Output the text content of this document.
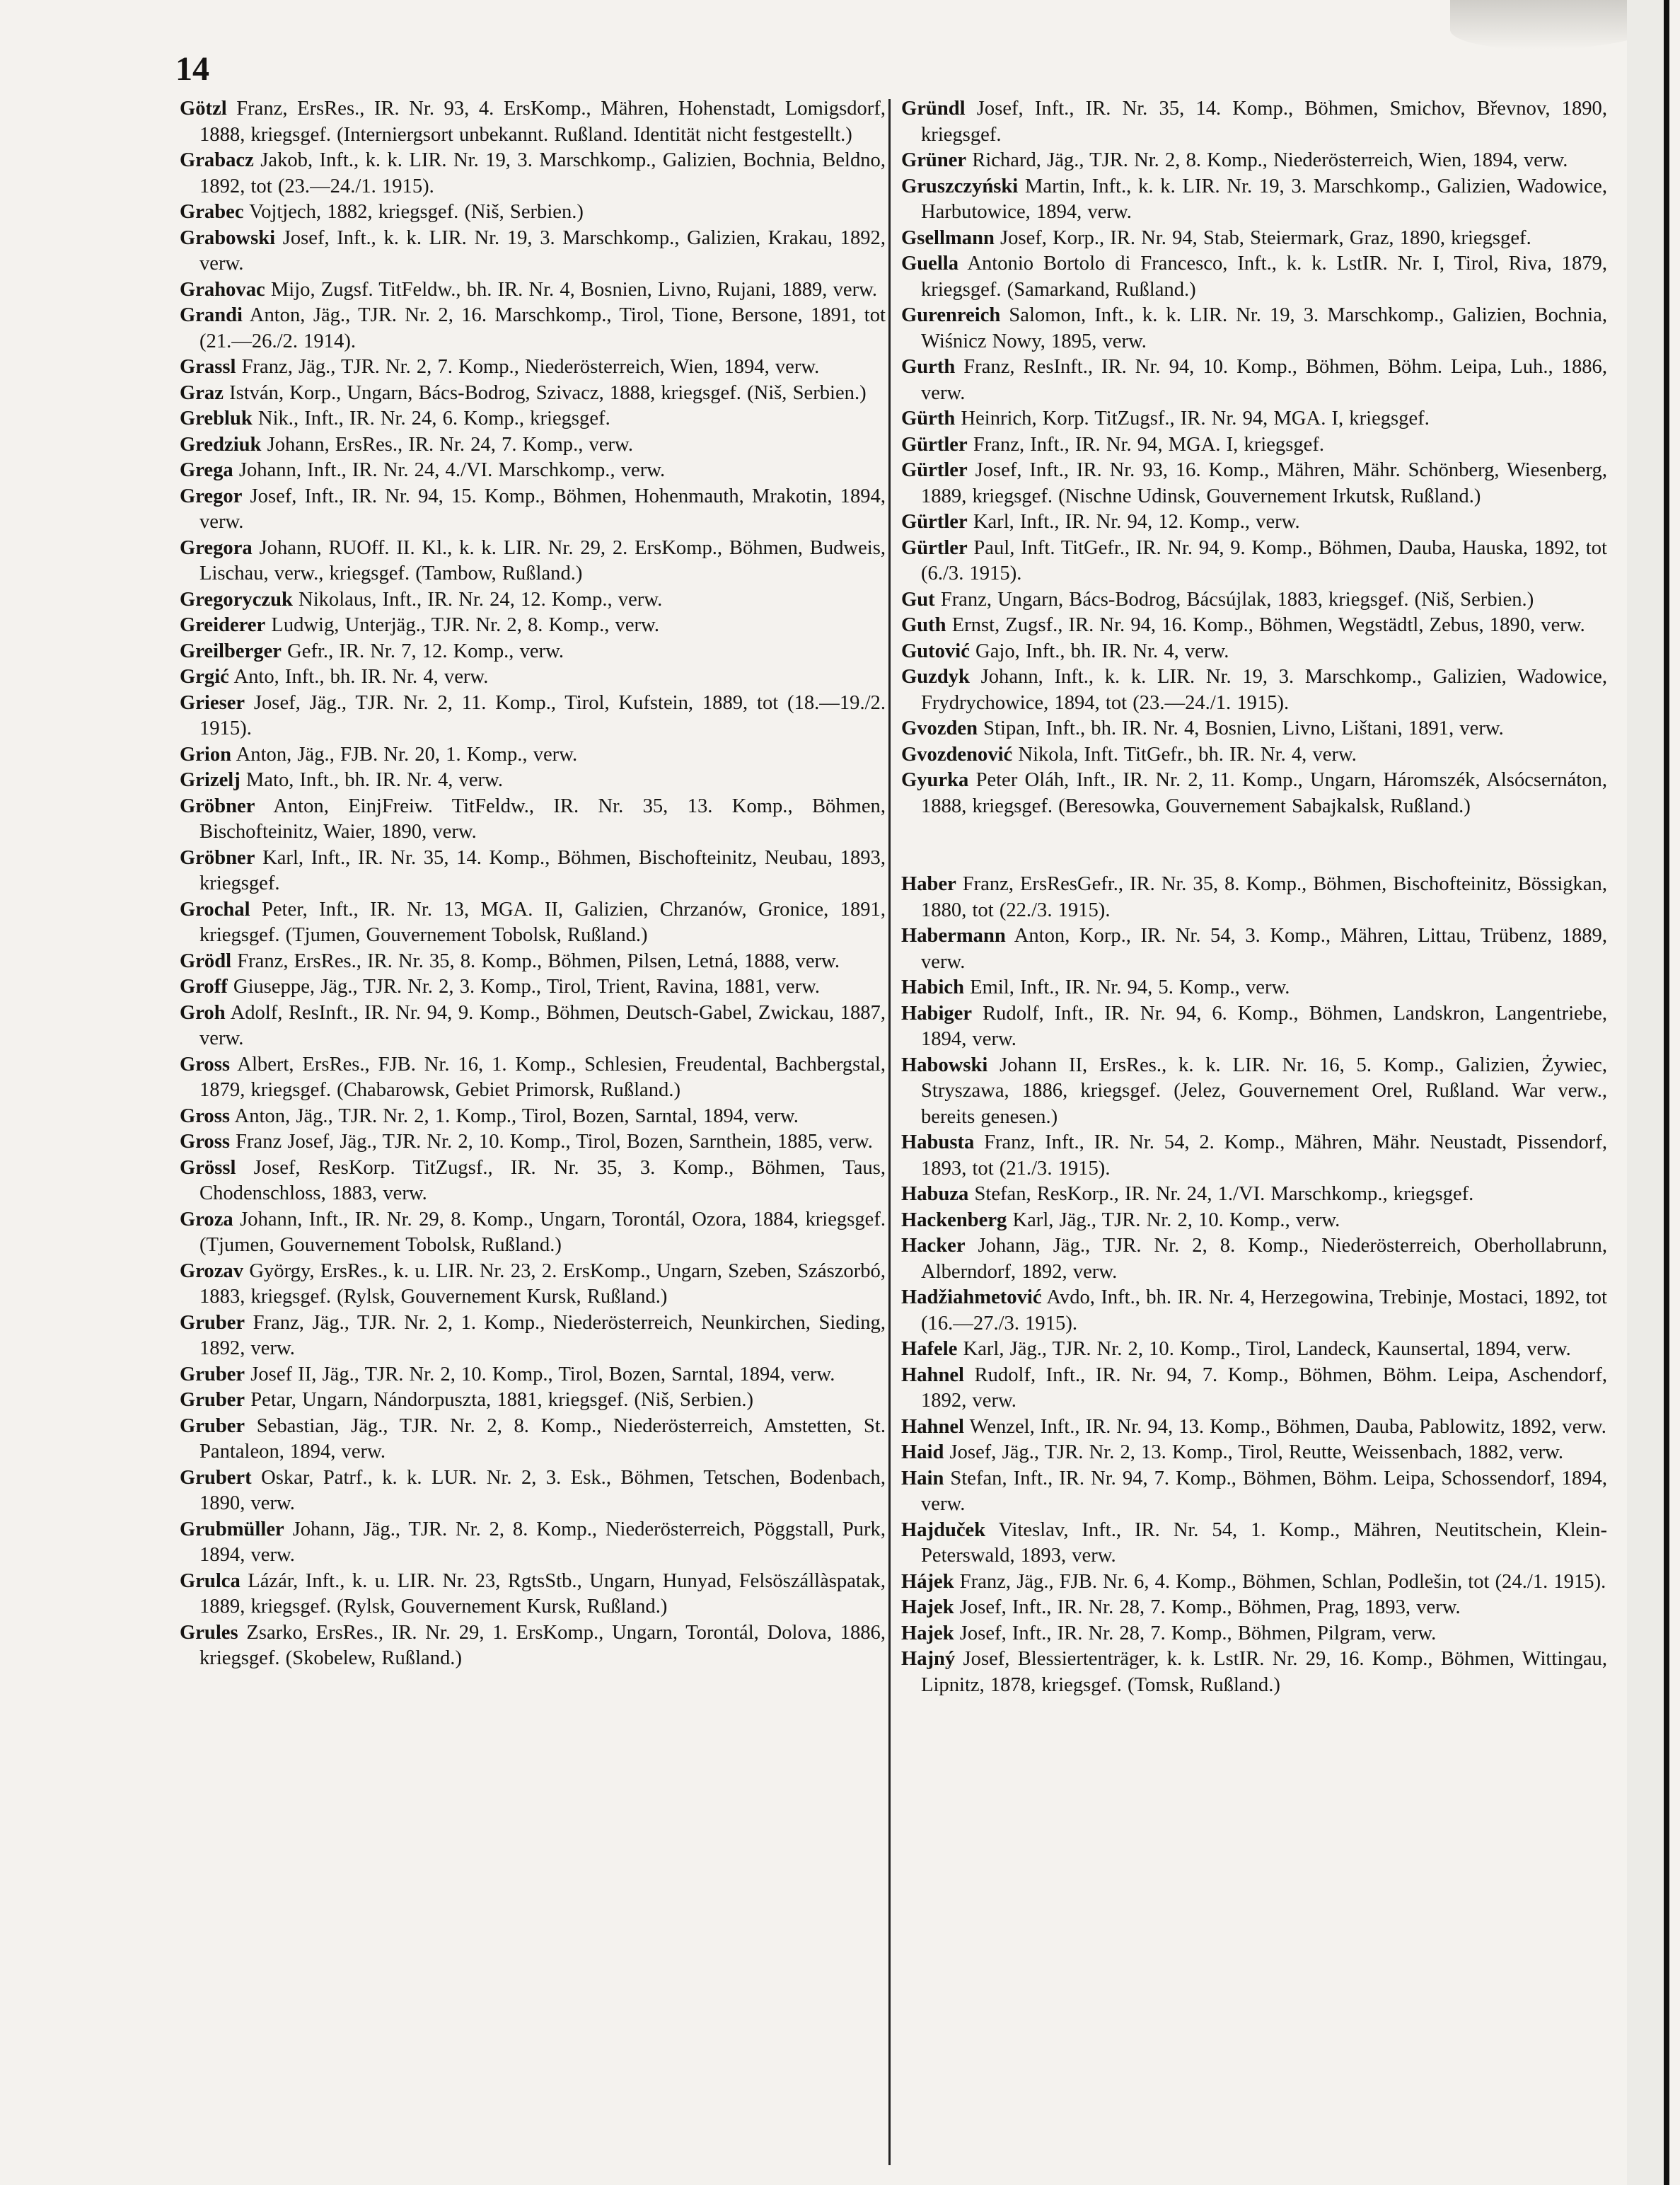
14

Götzl Franz, ErsRes., IR. Nr. 93, 4. ErsKomp., Mähren, Hohenstadt, Lomigsdorf, 1888, kriegsgef. (Interniergsort unbekannt. Rußland. Identität nicht festgestellt.)

Grabacz Jakob, Inft., k. k. LIR. Nr. 19, 3. Marschkomp., Galizien, Bochnia, Beldno, 1892, tot (23.—24./1. 1915).

Grabec Vojtjech, 1882, kriegsgef. (Niš, Serbien.)

Grabowski Josef, Inft., k. k. LIR. Nr. 19, 3. Marschkomp., Galizien, Krakau, 1892, verw.

Grahovac Mijo, Zugsf. TitFeldw., bh. IR. Nr. 4, Bosnien, Livno, Rujani, 1889, verw.

Grandi Anton, Jäg., TJR. Nr. 2, 16. Marschkomp., Tirol, Tione, Bersone, 1891, tot (21.—26./2. 1914).

Grassl Franz, Jäg., TJR. Nr. 2, 7. Komp., Niederösterreich, Wien, 1894, verw.

Graz István, Korp., Ungarn, Bács-Bodrog, Szivacz, 1888, kriegsgef. (Niš, Serbien.)

Grebluk Nik., Inft., IR. Nr. 24, 6. Komp., kriegsgef.

Gredziuk Johann, ErsRes., IR. Nr. 24, 7. Komp., verw.

Grega Johann, Inft., IR. Nr. 24, 4./VI. Marschkomp., verw.

Gregor Josef, Inft., IR. Nr. 94, 15. Komp., Böhmen, Hohenmauth, Mrakotin, 1894, verw.

Gregora Johann, RUOff. II. Kl., k. k. LIR. Nr. 29, 2. ErsKomp., Böhmen, Budweis, Lischau, verw., kriegsgef. (Tambow, Rußland.)

Gregoryczuk Nikolaus, Inft., IR. Nr. 24, 12. Komp., verw.

Greiderer Ludwig, Unterjäg., TJR. Nr. 2, 8. Komp., verw.

Greilberger Gefr., IR. Nr. 7, 12. Komp., verw.

Grgić Anto, Inft., bh. IR. Nr. 4, verw.

Grieser Josef, Jäg., TJR. Nr. 2, 11. Komp., Tirol, Kufstein, 1889, tot (18.—19./2. 1915).

Grion Anton, Jäg., FJB. Nr. 20, 1. Komp., verw.

Grizelj Mato, Inft., bh. IR. Nr. 4, verw.

Gröbner Anton, EinjFreiw. TitFeldw., IR. Nr. 35, 13. Komp., Böhmen, Bischofteinitz, Waier, 1890, verw.

Gröbner Karl, Inft., IR. Nr. 35, 14. Komp., Böhmen, Bischofteinitz, Neubau, 1893, kriegsgef.

Grochal Peter, Inft., IR. Nr. 13, MGA. II, Galizien, Chrzanów, Gronice, 1891, kriegsgef. (Tjumen, Gouvernement Tobolsk, Rußland.)

Grödl Franz, ErsRes., IR. Nr. 35, 8. Komp., Böhmen, Pilsen, Letná, 1888, verw.

Groff Giuseppe, Jäg., TJR. Nr. 2, 3. Komp., Tirol, Trient, Ravina, 1881, verw.

Groh Adolf, ResInft., IR. Nr. 94, 9. Komp., Böhmen, Deutsch-Gabel, Zwickau, 1887, verw.

Gross Albert, ErsRes., FJB. Nr. 16, 1. Komp., Schlesien, Freudental, Bachbergstal, 1879, kriegsgef. (Chabarowsk, Gebiet Primorsk, Rußland.)

Gross Anton, Jäg., TJR. Nr. 2, 1. Komp., Tirol, Bozen, Sarntal, 1894, verw.

Gross Franz Josef, Jäg., TJR. Nr. 2, 10. Komp., Tirol, Bozen, Sarnthein, 1885, verw.

Grössl Josef, ResKorp. TitZugsf., IR. Nr. 35, 3. Komp., Böhmen, Taus, Chodenschloss, 1883, verw.

Groza Johann, Inft., IR. Nr. 29, 8. Komp., Ungarn, Torontál, Ozora, 1884, kriegsgef. (Tjumen, Gouvernement Tobolsk, Rußland.)

Grozav György, ErsRes., k. u. LIR. Nr. 23, 2. ErsKomp., Ungarn, Szeben, Szászorbó, 1883, kriegsgef. (Rylsk, Gouvernement Kursk, Rußland.)

Gruber Franz, Jäg., TJR. Nr. 2, 1. Komp., Niederösterreich, Neunkirchen, Sieding, 1892, verw.

Gruber Josef II, Jäg., TJR. Nr. 2, 10. Komp., Tirol, Bozen, Sarntal, 1894, verw.

Gruber Petar, Ungarn, Nándorpuszta, 1881, kriegsgef. (Niš, Serbien.)

Gruber Sebastian, Jäg., TJR. Nr. 2, 8. Komp., Niederösterreich, Amstetten, St. Pantaleon, 1894, verw.

Grubert Oskar, Patrf., k. k. LUR. Nr. 2, 3. Esk., Böhmen, Tetschen, Bodenbach, 1890, verw.

Grubmüller Johann, Jäg., TJR. Nr. 2, 8. Komp., Niederösterreich, Pöggstall, Purk, 1894, verw.

Grulca Lázár, Inft., k. u. LIR. Nr. 23, RgtsStb., Ungarn, Hunyad, Felsöszállàspatak, 1889, kriegsgef. (Rylsk, Gouvernement Kursk, Rußland.)

Grules Zsarko, ErsRes., IR. Nr. 29, 1. ErsKomp., Ungarn, Torontál, Dolova, 1886, kriegsgef. (Skobelew, Rußland.)

Gründl Josef, Inft., IR. Nr. 35, 14. Komp., Böhmen, Smichov, Břevnov, 1890, kriegsgef.

Grüner Richard, Jäg., TJR. Nr. 2, 8. Komp., Niederösterreich, Wien, 1894, verw.

Gruszczyński Martin, Inft., k. k. LIR. Nr. 19, 3. Marschkomp., Galizien, Wadowice, Harbutowice, 1894, verw.

Gsellmann Josef, Korp., IR. Nr. 94, Stab, Steiermark, Graz, 1890, kriegsgef.

Guella Antonio Bortolo di Francesco, Inft., k. k. LstIR. Nr. I, Tirol, Riva, 1879, kriegsgef. (Samarkand, Rußland.)

Gurenreich Salomon, Inft., k. k. LIR. Nr. 19, 3. Marschkomp., Galizien, Bochnia, Wiśnicz Nowy, 1895, verw.

Gurth Franz, ResInft., IR. Nr. 94, 10. Komp., Böhmen, Böhm. Leipa, Luh., 1886, verw.

Gürth Heinrich, Korp. TitZugsf., IR. Nr. 94, MGA. I, kriegsgef.

Gürtler Franz, Inft., IR. Nr. 94, MGA. I, kriegsgef.

Gürtler Josef, Inft., IR. Nr. 93, 16. Komp., Mähren, Mähr. Schönberg, Wiesenberg, 1889, kriegsgef. (Nischne Udinsk, Gouvernement Irkutsk, Rußland.)

Gürtler Karl, Inft., IR. Nr. 94, 12. Komp., verw.

Gürtler Paul, Inft. TitGefr., IR. Nr. 94, 9. Komp., Böhmen, Dauba, Hauska, 1892, tot (6./3. 1915).

Gut Franz, Ungarn, Bács-Bodrog, Bácsújlak, 1883, kriegsgef. (Niš, Serbien.)

Guth Ernst, Zugsf., IR. Nr. 94, 16. Komp., Böhmen, Wegstädtl, Zebus, 1890, verw.

Gutović Gajo, Inft., bh. IR. Nr. 4, verw.

Guzdyk Johann, Inft., k. k. LIR. Nr. 19, 3. Marschkomp., Galizien, Wadowice, Frydrychowice, 1894, tot (23.—24./1. 1915).

Gvozden Stipan, Inft., bh. IR. Nr. 4, Bosnien, Livno, Lištani, 1891, verw.

Gvozdenović Nikola, Inft. TitGefr., bh. IR. Nr. 4, verw.

Gyurka Peter Oláh, Inft., IR. Nr. 2, 11. Komp., Ungarn, Háromszék, Alsócsernáton, 1888, kriegsgef. (Beresowka, Gouvernement Sabajkalsk, Rußland.)

Haber Franz, ErsResGefr., IR. Nr. 35, 8. Komp., Böhmen, Bischofteinitz, Bössigkan, 1880, tot (22./3. 1915).

Habermann Anton, Korp., IR. Nr. 54, 3. Komp., Mähren, Littau, Trübenz, 1889, verw.

Habich Emil, Inft., IR. Nr. 94, 5. Komp., verw.

Habiger Rudolf, Inft., IR. Nr. 94, 6. Komp., Böhmen, Landskron, Langentriebe, 1894, verw.

Habowski Johann II, ErsRes., k. k. LIR. Nr. 16, 5. Komp., Galizien, Żywiec, Stryszawa, 1886, kriegsgef. (Jelez, Gouvernement Orel, Rußland. War verw., bereits genesen.)

Habusta Franz, Inft., IR. Nr. 54, 2. Komp., Mähren, Mähr. Neustadt, Pissendorf, 1893, tot (21./3. 1915).

Habuza Stefan, ResKorp., IR. Nr. 24, 1./VI. Marschkomp., kriegsgef.

Hackenberg Karl, Jäg., TJR. Nr. 2, 10. Komp., verw.

Hacker Johann, Jäg., TJR. Nr. 2, 8. Komp., Niederösterreich, Oberhollabrunn, Alberndorf, 1892, verw.

Hadžiahmetović Avdo, Inft., bh. IR. Nr. 4, Herzegowina, Trebinje, Mostaci, 1892, tot (16.—27./3. 1915).

Hafele Karl, Jäg., TJR. Nr. 2, 10. Komp., Tirol, Landeck, Kaunsertal, 1894, verw.

Hahnel Rudolf, Inft., IR. Nr. 94, 7. Komp., Böhmen, Böhm. Leipa, Aschendorf, 1892, verw.

Hahnel Wenzel, Inft., IR. Nr. 94, 13. Komp., Böhmen, Dauba, Pablowitz, 1892, verw.

Haid Josef, Jäg., TJR. Nr. 2, 13. Komp., Tirol, Reutte, Weissenbach, 1882, verw.

Hain Stefan, Inft., IR. Nr. 94, 7. Komp., Böhmen, Böhm. Leipa, Schossendorf, 1894, verw.

Hajduček Viteslav, Inft., IR. Nr. 54, 1. Komp., Mähren, Neutitschein, Klein-Peterswald, 1893, verw.

Hájek Franz, Jäg., FJB. Nr. 6, 4. Komp., Böhmen, Schlan, Podlešin, tot (24./1. 1915).

Hajek Josef, Inft., IR. Nr. 28, 7. Komp., Böhmen, Prag, 1893, verw.

Hajek Josef, Inft., IR. Nr. 28, 7. Komp., Böhmen, Pilgram, verw.

Hajný Josef, Blessiertenträger, k. k. LstIR. Nr. 29, 16. Komp., Böhmen, Wittingau, Lipnitz, 1878, kriegsgef. (Tomsk, Rußland.)
